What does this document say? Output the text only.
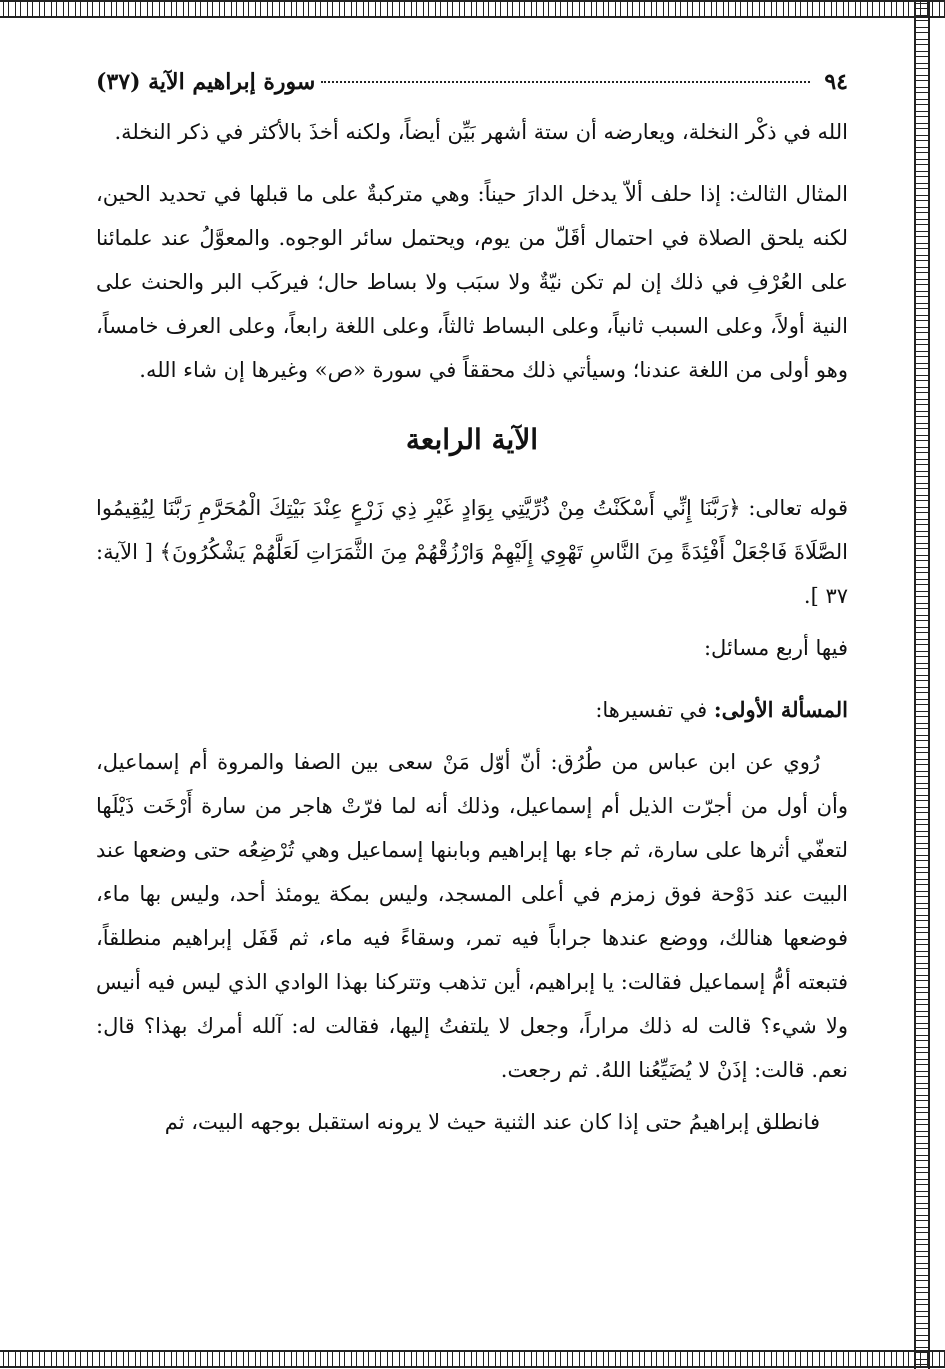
٩٤
سورة إبراهيم الآية (٣٧)

الله في ذكْر النخلة، ويعارضه أن ستة أشهر بَيِّن أيضاً، ولكنه أخذَ بالأكثر في ذكر النخلة.

المثال الثالث: إذا حلف ألاّ يدخل الدارَ حيناً: وهي متركبةٌ على ما قبلها في تحديد الحين، لكنه يلحق الصلاة في احتمال أقَلّ من يوم، ويحتمل سائر الوجوه. والمعوَّلُ عند علمائنا على العُرْفِ في ذلك إن لم تكن نيّةٌ ولا سبَب ولا بساط حال؛ فيركَب البر والحنث على النية أولاً، وعلى السبب ثانياً، وعلى البساط ثالثاً، وعلى اللغة رابعاً، وعلى العرف خامساً، وهو أولى من اللغة عندنا؛ وسيأتي ذلك محققاً في سورة «ص» وغيرها إن شاء الله.

الآية الرابعة

قوله تعالى: ﴿رَبَّنَا إِنِّي أَسْكَنْتُ مِنْ ذُرِّيَّتِي بِوَادٍ غَيْرِ ذِي زَرْعٍ عِنْدَ بَيْتِكَ الْمُحَرَّمِ رَبَّنَا لِيُقِيمُوا الصَّلَاةَ فَاجْعَلْ أَفْئِدَةً مِنَ النَّاسِ تَهْوِي إِلَيْهِمْ وَارْزُقْهُمْ مِنَ الثَّمَرَاتِ لَعَلَّهُمْ يَشْكُرُونَ﴾ [ الآية: ٣٧ ].

فيها أربع مسائل:

المسألة الأولى: في تفسيرها:

رُوي عن ابن عباس من طُرُق: أنّ أوّل مَنْ سعى بين الصفا والمروة أم إسماعيل، وأن أول من أجرّت الذيل أم إسماعيل، وذلك أنه لما فرّتْ هاجر من سارة أَرْخَت ذَيْلَها لتعفّي أثرها على سارة، ثم جاء بها إبراهيم وبابنها إسماعيل وهي تُرْضِعُه حتى وضعها عند البيت عند دَوْحة فوق زمزم في أعلى المسجد، وليس بمكة يومئذ أحد، وليس بها ماء، فوضعها هنالك، ووضع عندها جراباً فيه تمر، وسقاءً فيه ماء، ثم قَفَل إبراهيم منطلقاً، فتبعته أمُّ إسماعيل فقالت: يا إبراهيم، أين تذهب وتتركنا بهذا الوادي الذي ليس فيه أنيس ولا شيء؟ قالت له ذلك مراراً، وجعل لا يلتفتُ إليها، فقالت له: آلله أمرك بهذا؟ قال: نعم. قالت: إذَنْ لا يُضَيِّعُنا اللهُ. ثم رجعت.

فانطلق إبراهيمُ حتى إذا كان عند الثنية حيث لا يرونه استقبل بوجهه البيت، ثم
